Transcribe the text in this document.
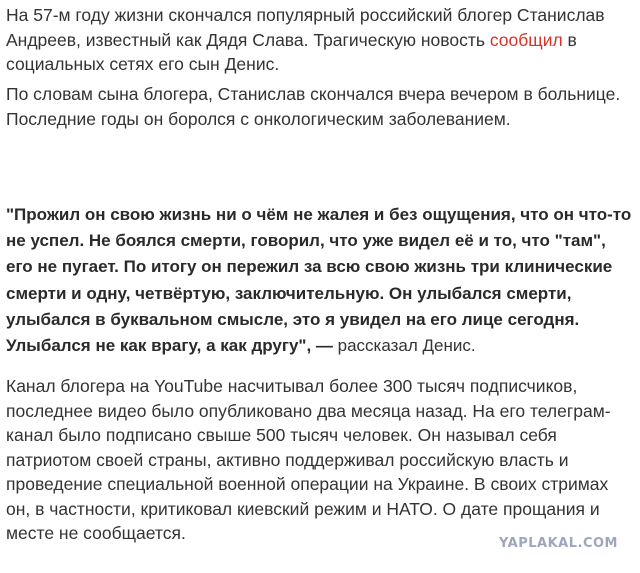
На 57-м году жизни скончался популярный российский блогер Станислав Андреев, известный как Дядя Слава. Трагическую новость сообщил в социальных сетях его сын Денис.

По словам сына блогера, Станислав скончался вчера вечером в больнице. Последние годы он боролся с онкологическим заболеванием.

"Прожил он свою жизнь ни о чём не жалея и без ощущения, что он что-то не успел. Не боялся смерти, говорил, что уже видел её и то, что "там", его не пугает. По итогу он пережил за всю свою жизнь три клинические смерти и одну, четвёртую, заключительную. Он улыбался смерти, улыбался в буквальном смысле, это я увидел на его лице сегодня. Улыбался не как врагу, а как другу", — рассказал Денис.

Канал блогера на YouTube насчитывал более 300 тысяч подписчиков, последнее видео было опубликовано два месяца назад. На его телеграм-канал было подписано свыше 500 тысяч человек. Он называл себя патриотом своей страны, активно поддерживал российскую власть и проведение специальной военной операции на Украине. В своих стримах он, в частности, критиковал киевский режим и НАТО. О дате прощания и месте не сообщается.

YAPLAKAL.COM
